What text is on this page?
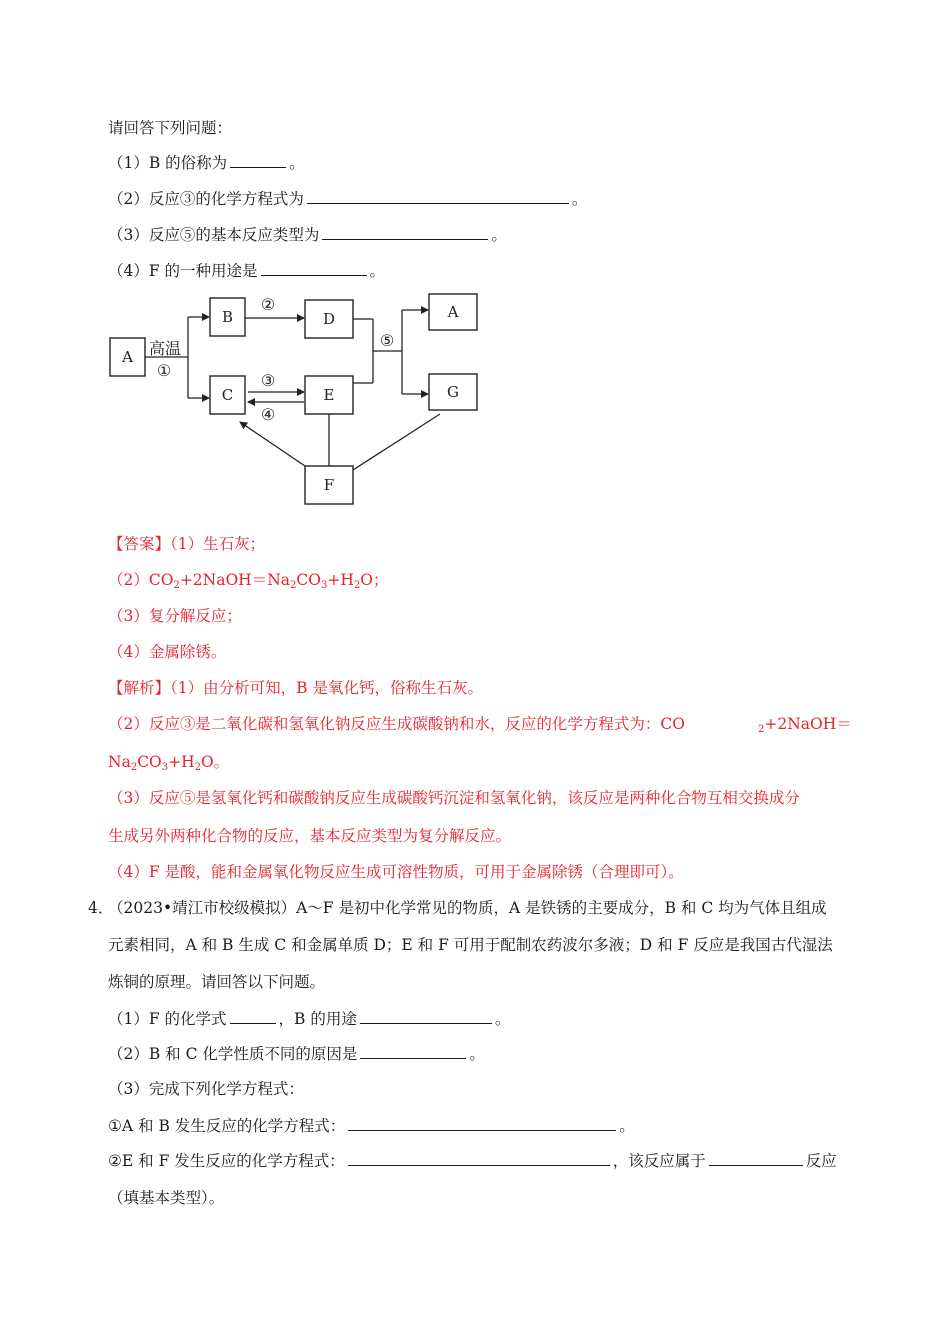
请回答下列问题：
（1）B 的俗称为	。
（2）反应③的化学方程式为	。
（3）反应⑤的基本反应类型为	。
（4）F 的一种用途是	。
A
B
C
D
E
F
A
G
高温
①
②
③
④
⑤
【答案】（1）生石灰；
$(2)CO_2+2NaOH=Na_2CO_3+H_2O$；
（3）复分解反应；
（4）金属除锈。
【解析】（1）由分析可知，B 是氧化钙，俗称生石灰。
（2）反应③是二氧化碳和氢氧化钠反应生成碳酸钠和水，反应的化学方程式为：CO	$_2$+2NaOH＝
$Na_2CO_3+H_2O$。
（3）反应⑤是氢氧化钙和碳酸钠反应生成碳酸钙沉淀和氢氧化钠，该反应是两种化合物互相交换成分
生成另外两种化合物的反应，基本反应类型为复分解反应。
（4）F 是酸，能和金属氧化物反应生成可溶性物质，可用于金属除锈（合理即可）。
4．
（2023•靖江市校级模拟）A～F 是初中化学常见的物质，A 是铁锈的主要成分，B 和 C 均为气体且组成
元素相同，A 和 B 生成 C 和金属单质 D；E 和 F 可用于配制农药波尔多液；D 和 F 反应是我国古代湿法
炼铜的原理。请回答以下问题。
（1）F 的化学式	，B 的用途	。
（2）B 和 C 化学性质不同的原因是	。
（3）完成下列化学方程式：
①A 和 B 发生反应的化学方程式：	。
②E 和 F 发生反应的化学方程式：	，该反应属于	反应
（填基本类型）。
